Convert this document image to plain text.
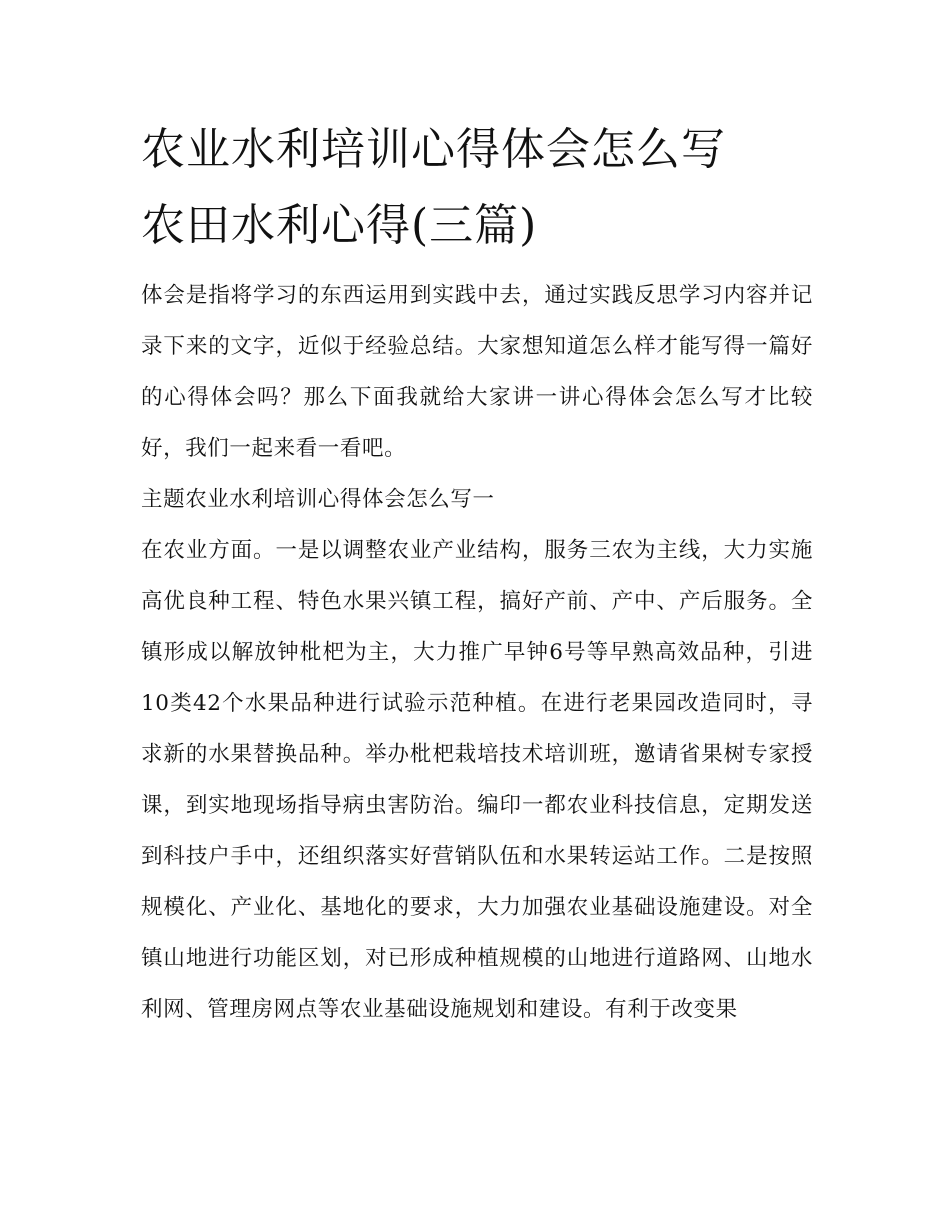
农业水利培训心得体会怎么写

农田水利心得(三篇)

体会是指将学习的东西运用到实践中去，通过实践反思学习内容并记录下来的文字，近似于经验总结。大家想知道怎么样才能写得一篇好的心得体会吗？那么下面我就给大家讲一讲心得体会怎么写才比较好，我们一起来看一看吧。

主题农业水利培训心得体会怎么写一

在农业方面。一是以调整农业产业结构，服务三农为主线，大力实施高优良种工程、特色水果兴镇工程，搞好产前、产中、产后服务。全镇形成以解放钟枇杷为主，大力推广早钟6号等早熟高效品种，引进10类42个水果品种进行试验示范种植。在进行老果园改造同时，寻求新的水果替换品种。举办枇杷栽培技术培训班，邀请省果树专家授课，到实地现场指导病虫害防治。编印一都农业科技信息，定期发送到科技户手中，还组织落实好营销队伍和水果转运站工作。二是按照规模化、产业化、基地化的要求，大力加强农业基础设施建设。对全镇山地进行功能区划，对已形成种植规模的山地进行道路网、山地水利网、管理房网点等农业基础设施规划和建设。有利于改变果
